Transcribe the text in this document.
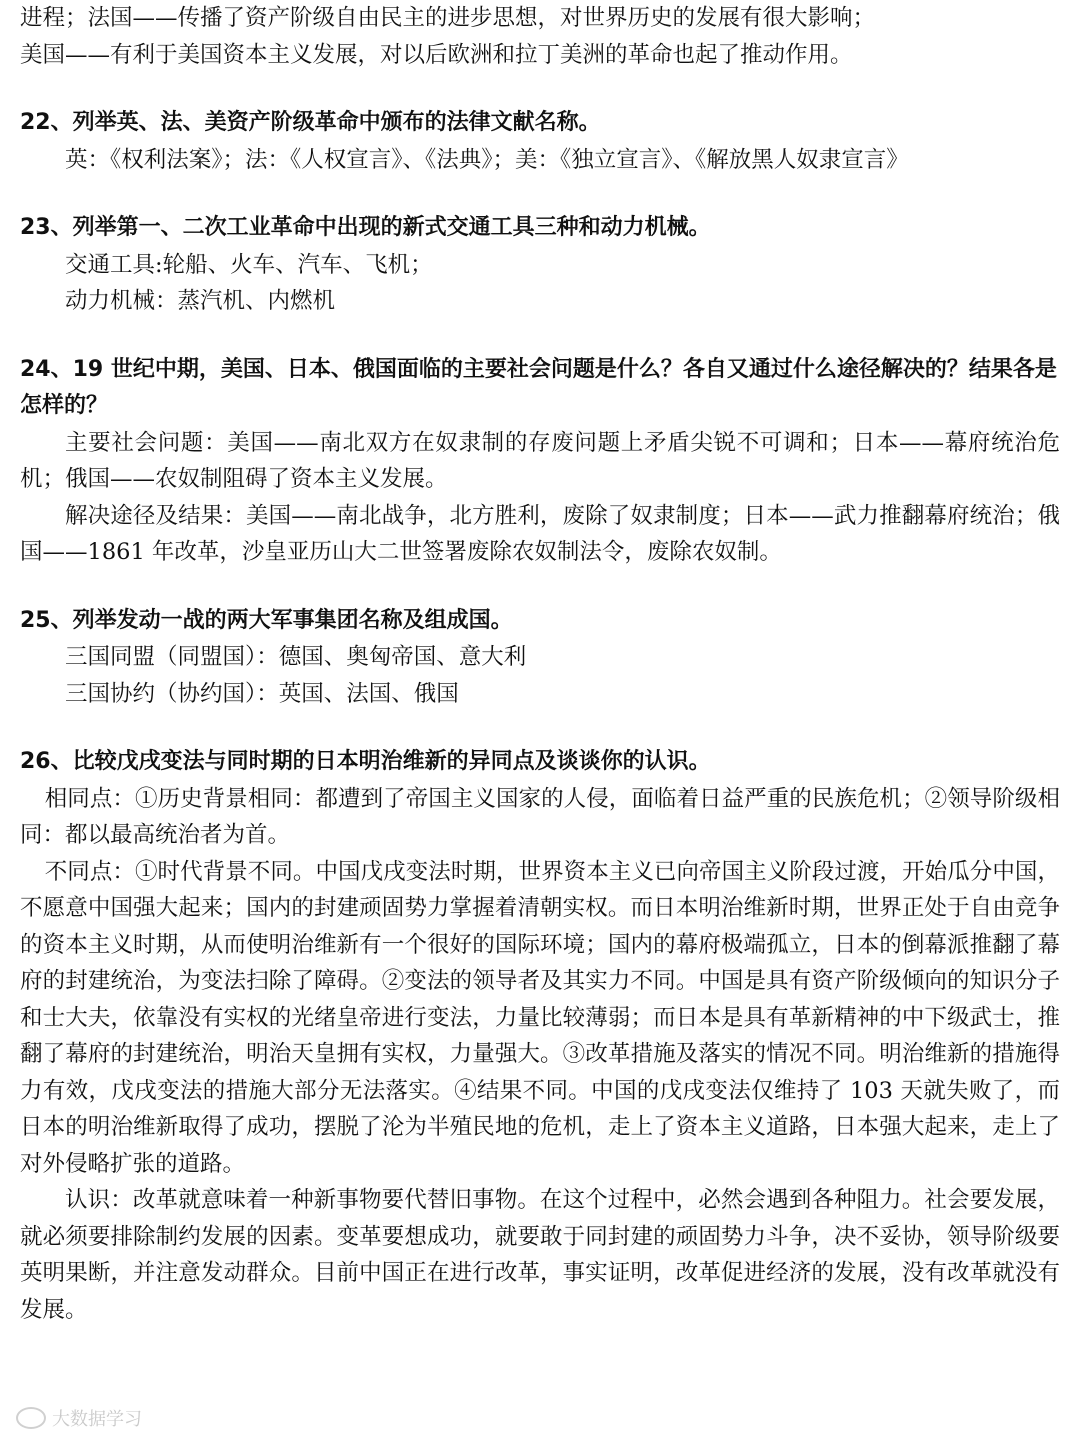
进程；法国——传播了资产阶级自由民主的进步思想，对世界历史的发展有很大影响；

美国——有利于美国资本主义发展，对以后欧洲和拉丁美洲的革命也起了推动作用。

22、列举英、法、美资产阶级革命中颁布的法律文献名称。

英：《权利法案》；法：《人权宣言》、《法典》；美：《独立宣言》、《解放黑人奴隶宣言》

23、列举第一、二次工业革命中出现的新式交通工具三种和动力机械。

交通工具:轮船、火车、汽车、飞机；

动力机械：蒸汽机、内燃机

24、19 世纪中期，美国、日本、俄国面临的主要社会问题是什么？各自又通过什么途径解决的？结果各是怎样的？

主要社会问题：美国——南北双方在奴隶制的存废问题上矛盾尖锐不可调和；日本——幕府统治危机；俄国——农奴制阻碍了资本主义发展。

解决途径及结果：美国——南北战争，北方胜利，废除了奴隶制度；日本——武力推翻幕府统治；俄国——1861 年改革，沙皇亚历山大二世签署废除农奴制法令，废除农奴制。

25、列举发动一战的两大军事集团名称及组成国。

三国同盟（同盟国）：德国、奥匈帝国、意大利

三国协约（协约国）：英国、法国、俄国

26、比较戊戌变法与同时期的日本明治维新的异同点及谈谈你的认识。

相同点：①历史背景相同：都遭到了帝国主义国家的人侵，面临着日益严重的民族危机；②领导阶级相同：都以最高统治者为首。

不同点：①时代背景不同。中国戊戌变法时期，世界资本主义已向帝国主义阶段过渡，开始瓜分中国，不愿意中国强大起来；国内的封建顽固势力掌握着清朝实权。而日本明治维新时期，世界正处于自由竞争的资本主义时期，从而使明治维新有一个很好的国际环境；国内的幕府极端孤立，日本的倒幕派推翻了幕府的封建统治，为变法扫除了障碍。②变法的领导者及其实力不同。中国是具有资产阶级倾向的知识分子和士大夫，依靠没有实权的光绪皇帝进行变法，力量比较薄弱；而日本是具有革新精神的中下级武士，推翻了幕府的封建统治，明治天皇拥有实权，力量强大。③改革措施及落实的情况不同。明治维新的措施得力有效，戊戌变法的措施大部分无法落实。④结果不同。中国的戊戌变法仅维持了 103 天就失败了，而日本的明治维新取得了成功，摆脱了沦为半殖民地的危机，走上了资本主义道路，日本强大起来，走上了对外侵略扩张的道路。

认识：改革就意味着一种新事物要代替旧事物。在这个过程中，必然会遇到各种阻力。社会要发展，就必须要排除制约发展的因素。变革要想成功，就要敢于同封建的顽固势力斗争，决不妥协，领导阶级要英明果断，并注意发动群众。目前中国正在进行改革，事实证明，改革促进经济的发展，没有改革就没有发展。

大数据学习
